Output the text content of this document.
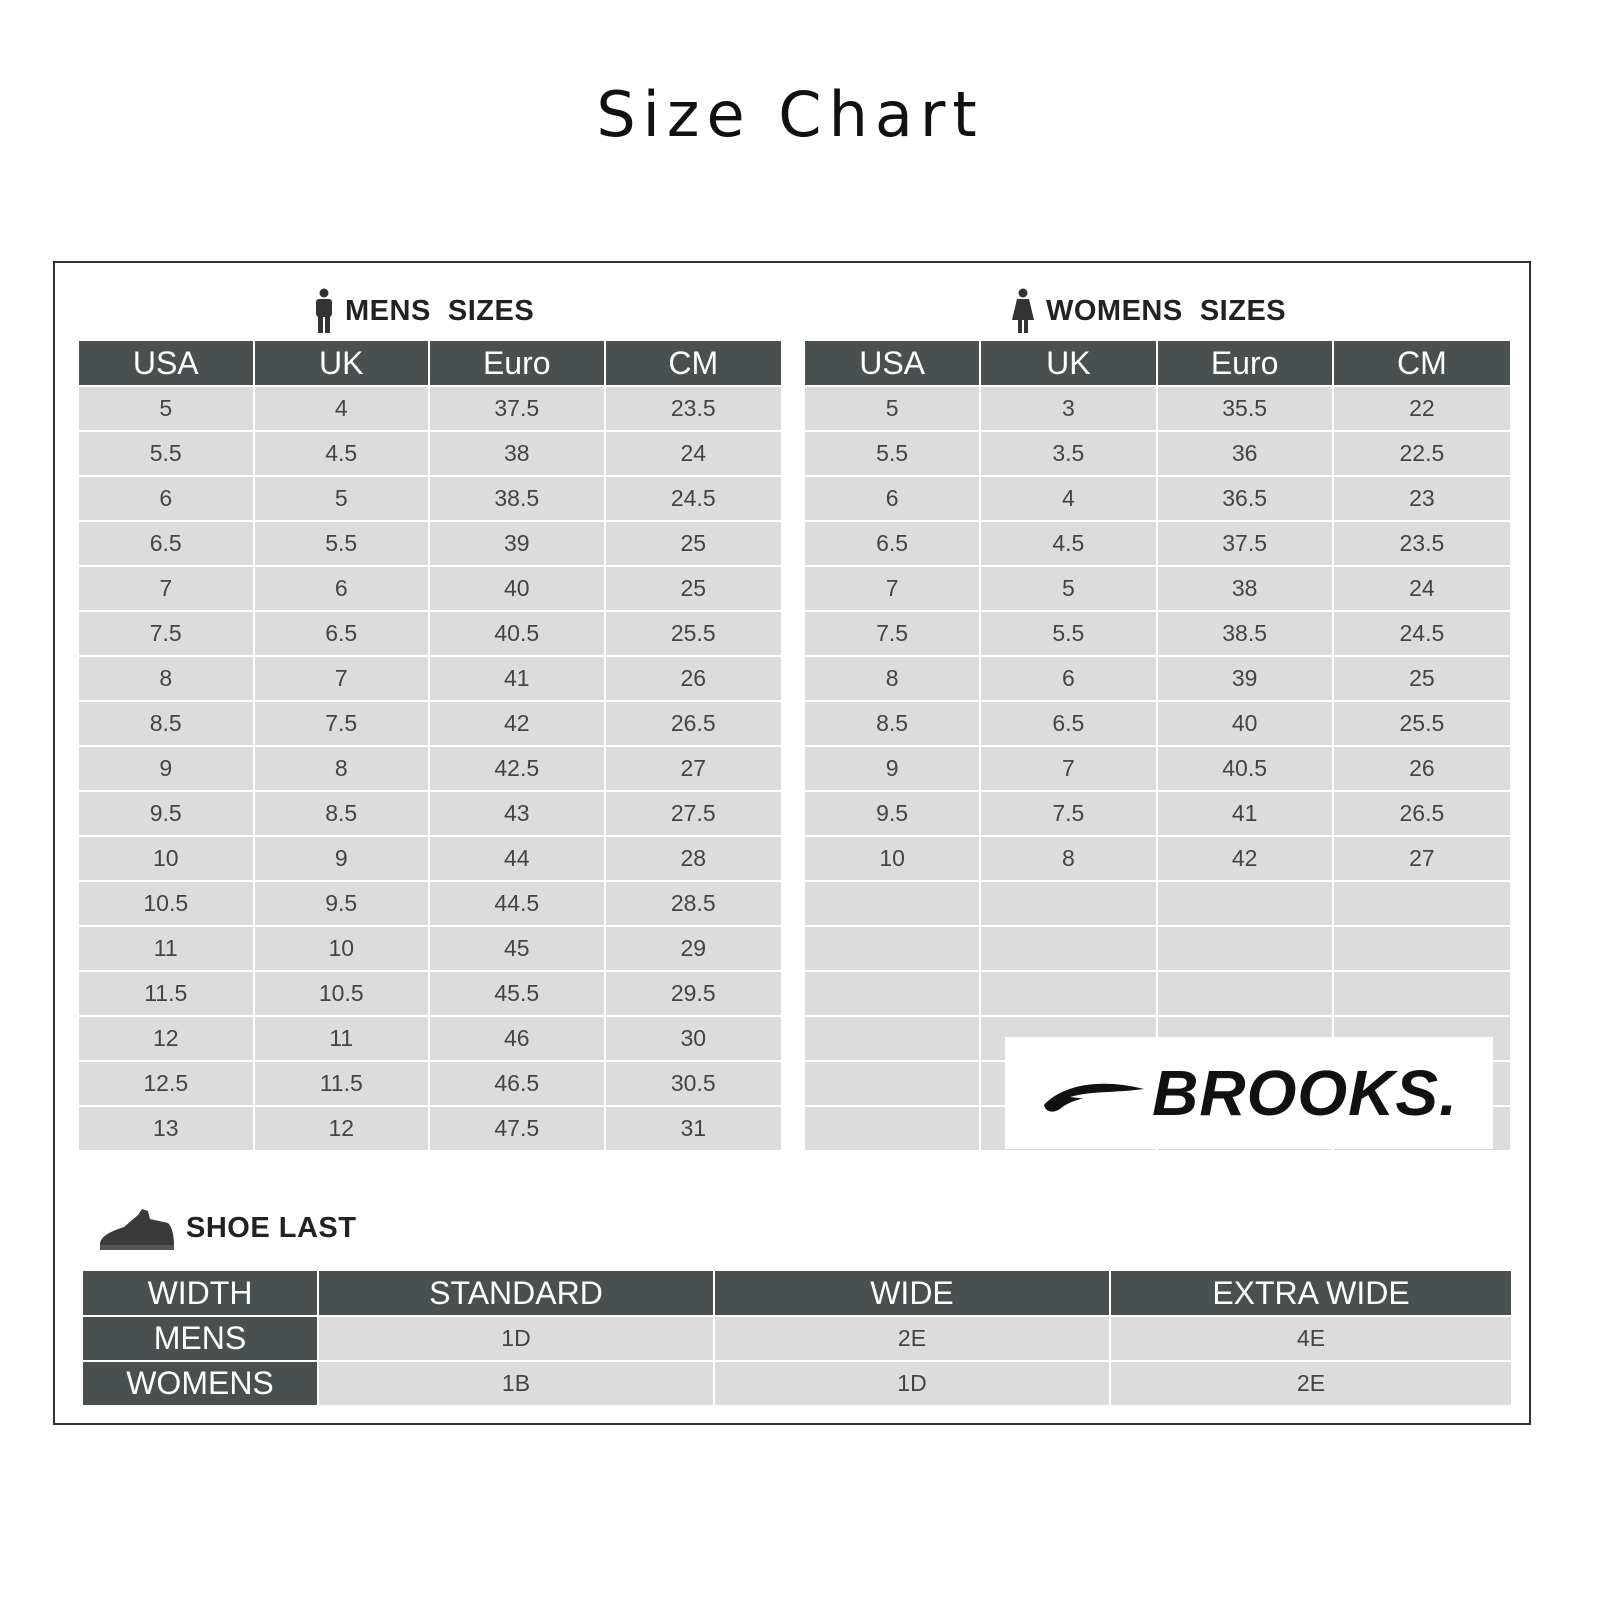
Size Chart
MENS  SIZES	WOMENS  SIZES
USA	UK	Euro	CM
5	4	37.5	23.5
5.5	4.5	38	24
6	5	38.5	24.5
6.5	5.5	39	25
7	6	40	25
7.5	6.5	40.5	25.5
8	7	41	26
8.5	7.5	42	26.5
9	8	42.5	27
9.5	8.5	43	27.5
10	9	44	28
10.5	9.5	44.5	28.5
11	10	45	29
11.5	10.5	45.5	29.5
12	11	46	30
12.5	11.5	46.5	30.5
13	12	47.5	31
USA	UK	Euro	CM
5	3	35.5	22
5.5	3.5	36	22.5
6	4	36.5	23
6.5	4.5	37.5	23.5
7	5	38	24
7.5	5.5	38.5	24.5
8	6	39	25
8.5	6.5	40	25.5
9	7	40.5	26
9.5	7.5	41	26.5
10	8	42	27

BROOKS.
SHOE LAST
WIDTH	STANDARD	WIDE	EXTRA WIDE
MENS	1D	2E	4E
WOMENS	1B	1D	2E
